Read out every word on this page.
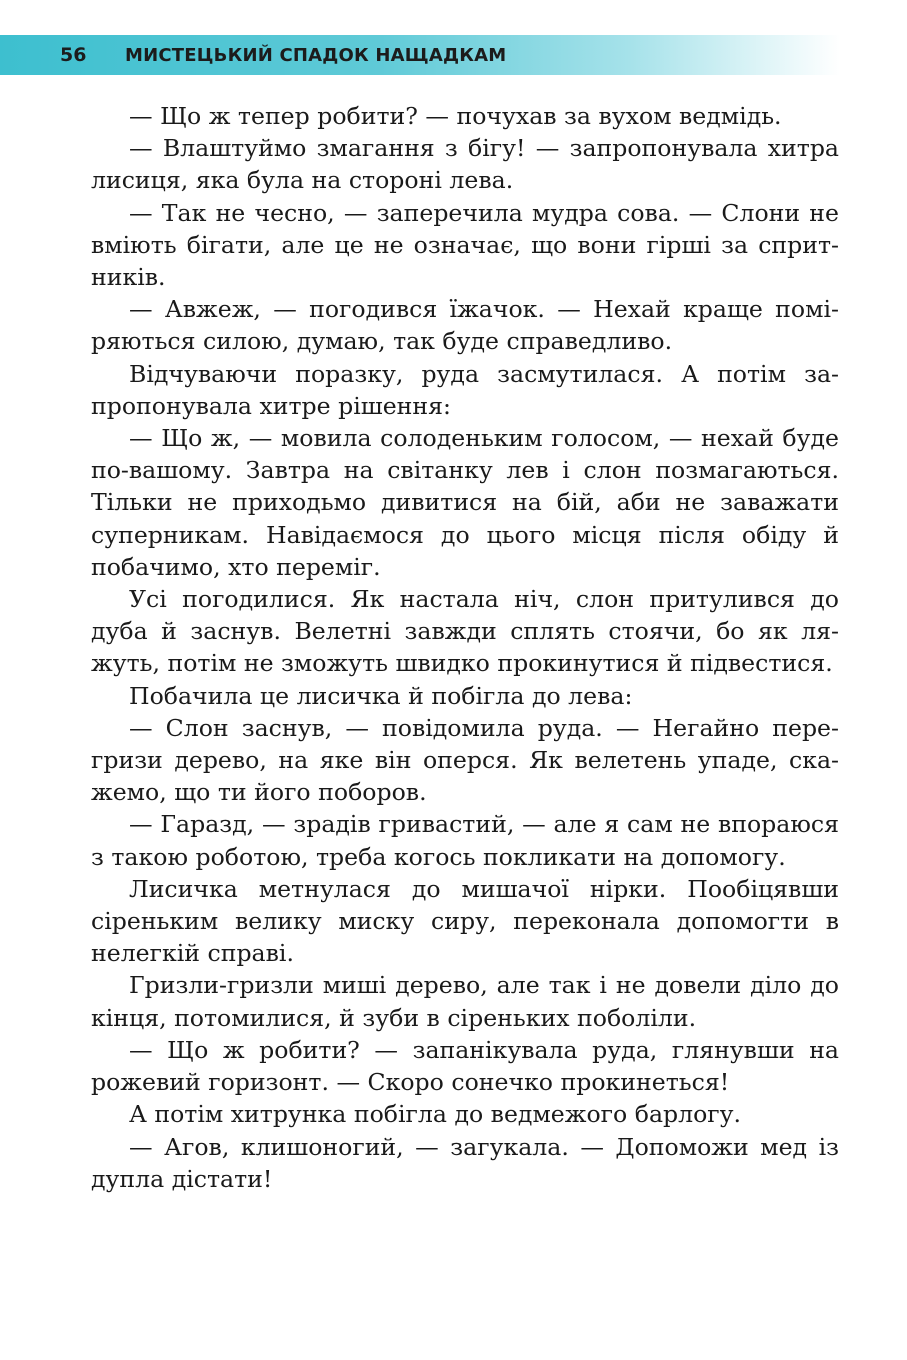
56	МИСТЕЦЬКИЙ СПАДОК НАЩАДКАМ

— Що ж тепер робити? — почухав за вухом ведмідь.

— Влаштуймо змагання з бігу! — запропонувала хитра лисиця, яка була на стороні лева.

— Так не чесно, — заперечила мудра сова. — Слони не вміють бігати, але це не означає, що вони гірші за спритників.

— Авжеж, — погодився їжачок. — Нехай краще поміряються силою, думаю, так буде справедливо.

Відчуваючи поразку, руда засмутилася. А потім запропонувала хитре рішення:

— Що ж, — мовила солоденьким голосом, — нехай буде по-вашому. Завтра на світанку лев і слон позмагаються. Тільки не приходьмо дивитися на бій, аби не заважати суперникам. Навідаємося до цього місця після обіду й побачимо, хто переміг.

Усі погодилися. Як настала ніч, слон притулився до дуба й заснув. Велетні завжди сплять стоячи, бо як ляжуть, потім не зможуть швидко прокинутися й підвестися.

Побачила це лисичка й побігла до лева:

— Слон заснув, — повідомила руда. — Негайно перегризи дерево, на яке він оперся. Як велетень упаде, скажемо, що ти його поборов.

— Гаразд, — зрадів гривастий, — але я сам не впораюся з такою роботою, треба когось покликати на допомогу.

Лисичка метнулася до мишачої нірки. Пообіцявши сіреньким велику миску сиру, переконала допомогти в нелегкій справі.

Гризли-гризли миші дерево, але так і не довели діло до кінця, потомилися, й зуби в сіреньких поболіли.

— Що ж робити? — запанікувала руда, глянувши на рожевий горизонт. — Скоро сонечко прокинеться!

А потім хитрунка побігла до ведмежого барлогу.

— Агов, клишоногий, — загукала. — Допоможи мед із дупла дістати!
